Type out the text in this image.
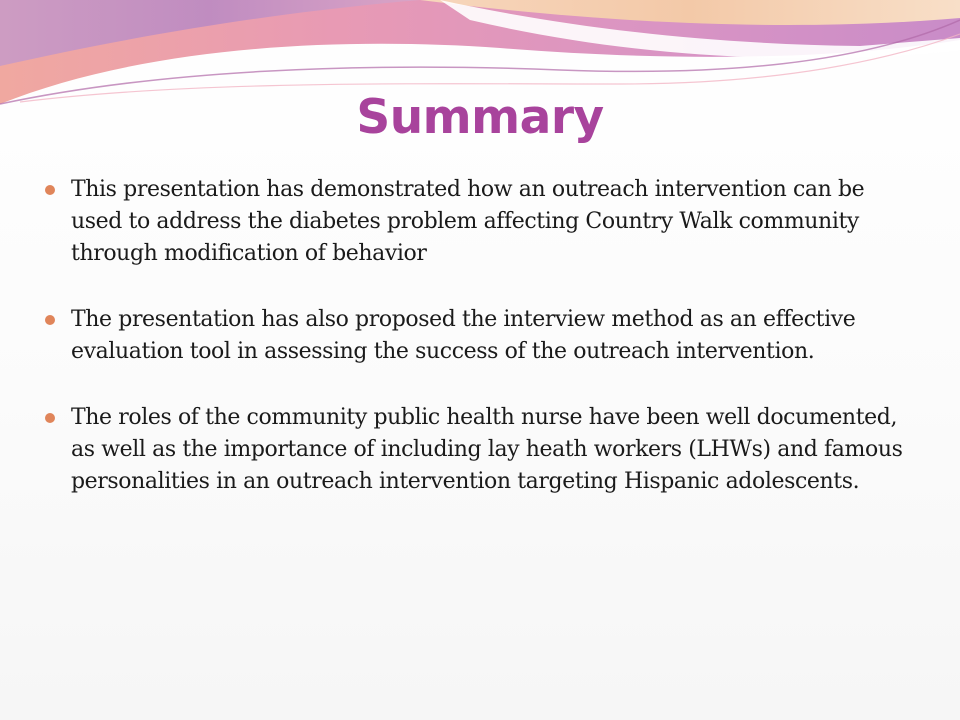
Summary
This presentation has demonstrated how an outreach intervention can be used to address the diabetes problem affecting Country Walk community through modification of behavior
The presentation has also proposed the interview method as an effective evaluation tool in assessing the success of the outreach intervention.
The roles of the community public health nurse have been well documented, as well as the importance of including lay heath workers (LHWs) and famous personalities in an outreach intervention targeting Hispanic adolescents.
